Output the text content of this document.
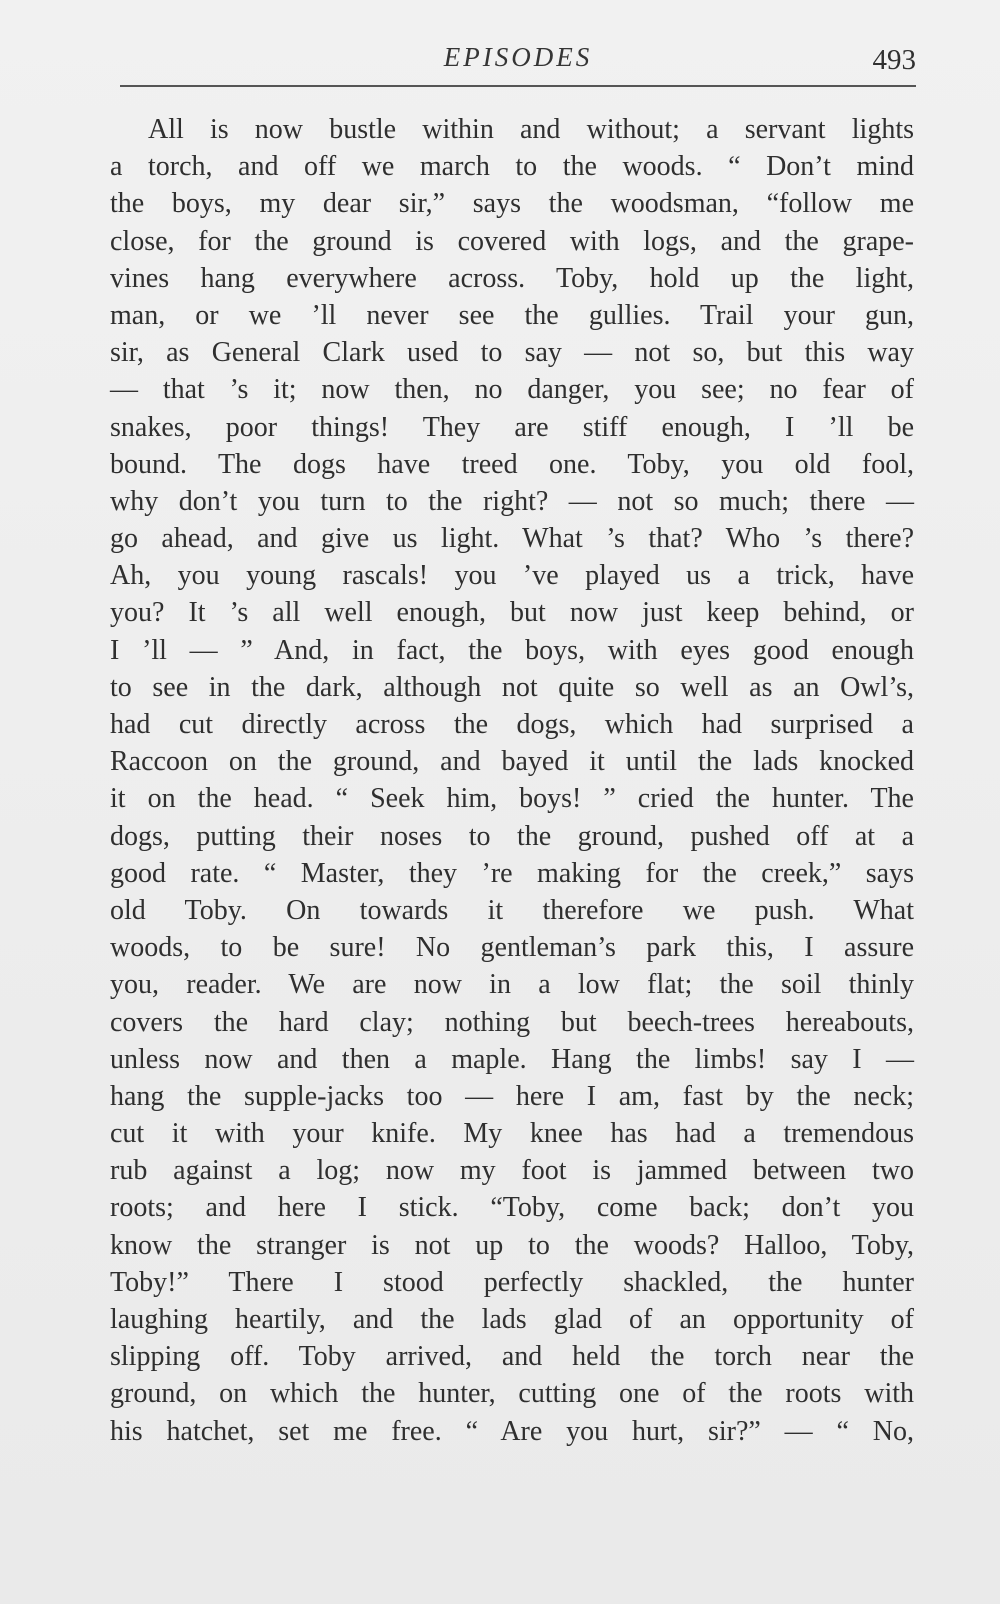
EPISODES	493
All is now bustle within and without; a servant lights
a torch, and off we march to the woods. “ Don’t mind
the boys, my dear sir,” says the woodsman, “follow me
close, for the ground is covered with logs, and the grape-
vines hang everywhere across. Toby, hold up the light,
man, or we ’ll never see the gullies. Trail your gun,
sir, as General Clark used to say — not so, but this way
— that ’s it; now then, no danger, you see; no fear of
snakes, poor things! They are stiff enough, I ’ll be
bound. The dogs have treed one. Toby, you old fool,
why don’t you turn to the right? — not so much; there —
go ahead, and give us light. What ’s that? Who ’s there?
Ah, you young rascals! you ’ve played us a trick, have
you? It ’s all well enough, but now just keep behind, or
I ’ll — ” And, in fact, the boys, with eyes good enough
to see in the dark, although not quite so well as an Owl’s,
had cut directly across the dogs, which had surprised a
Raccoon on the ground, and bayed it until the lads knocked
it on the head. “ Seek him, boys! ” cried the hunter. The
dogs, putting their noses to the ground, pushed off at a
good rate. “ Master, they ’re making for the creek,” says
old Toby. On towards it therefore we push. What
woods, to be sure! No gentleman’s park this, I assure
you, reader. We are now in a low flat; the soil thinly
covers the hard clay; nothing but beech-trees hereabouts,
unless now and then a maple. Hang the limbs! say I —
hang the supple-jacks too — here I am, fast by the neck;
cut it with your knife. My knee has had a tremendous
rub against a log; now my foot is jammed between two
roots; and here I stick. “Toby, come back; don’t you
know the stranger is not up to the woods? Halloo, Toby,
Toby!” There I stood perfectly shackled, the hunter
laughing heartily, and the lads glad of an opportunity of
slipping off. Toby arrived, and held the torch near the
ground, on which the hunter, cutting one of the roots with
his hatchet, set me free. “ Are you hurt, sir?” — “ No,
